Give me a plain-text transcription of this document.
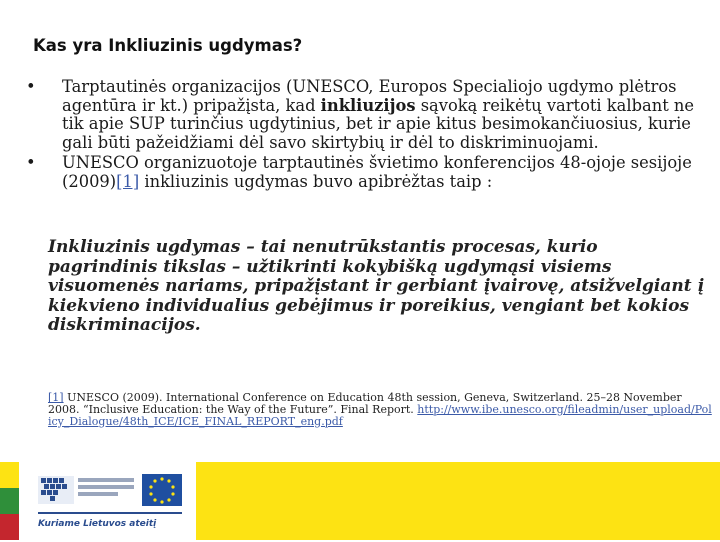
Kas yra Inkliuzinis ugdymas?
• Tarptautinės organizacijos (UNESCO, Europos Specialiojo ugdymo plėtros agentūra ir kt.) pripažįsta, kad inkliuzijos sąvoką reikėtų vartoti kalbant ne tik apie SUP turinčius ugdytinius, bet ir apie kitus besimokančiuosius, kurie gali būti pažeidžiami dėl savo skirtybių ir dėl to diskriminuojami.
• UNESCO organizuotoje tarptautinės švietimo konferencijos 48-ojoje sesijoje (2009)[1] inkliuzinis ugdymas buvo apibrėžtas taip :
Inkliuzinis ugdymas – tai nenutrūkstantis procesas, kurio pagrindinis tikslas – užtikrinti kokybišką ugdymąsi visiems visuomenės nariams, pripažįstant ir gerbiant įvairovę, atsižvelgiant į kiekvieno individualius gebėjimus ir poreikius, vengiant bet kokios diskriminacijos.
[1] UNESCO (2009). International Conference on Education 48th session, Geneva, Switzerland. 25–28 November 2008. “Inclusive Education: the Way of the Future”. Final Report. http://www.ibe.unesco.org/fileadmin/user_upload/Policy_Dialogue/48th_ICE/ICE_FINAL_REPORT_eng.pdf
Kuriame Lietuvos ateitį
